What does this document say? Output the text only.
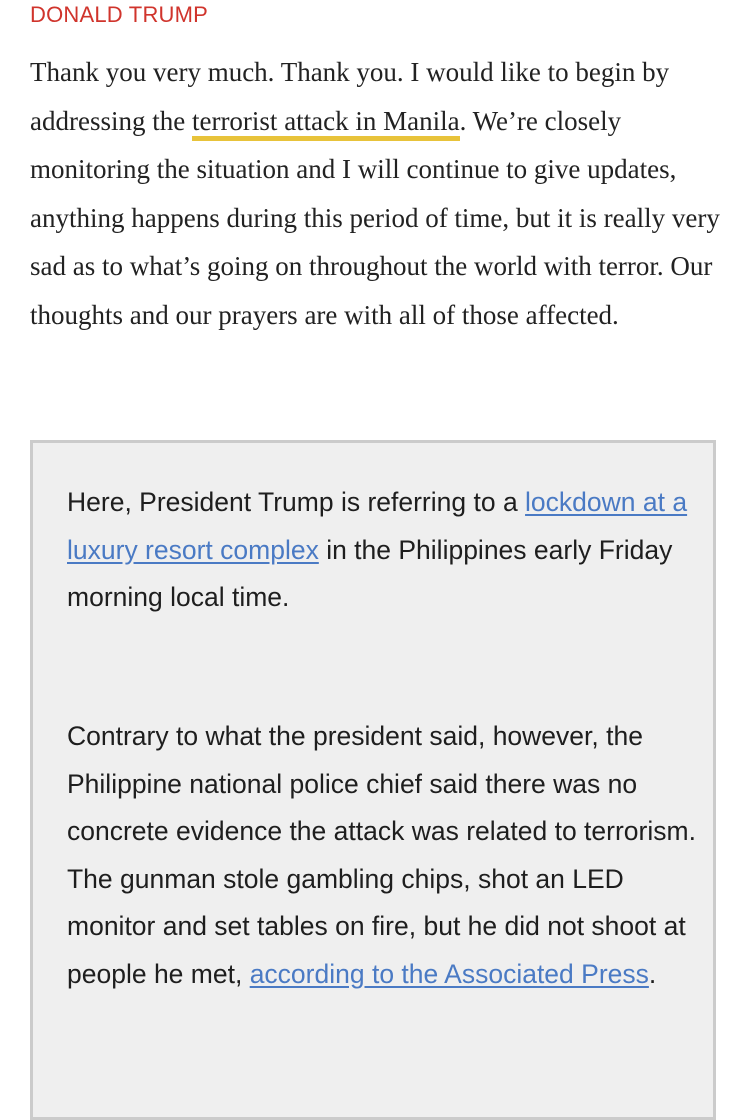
DONALD TRUMP

Thank you very much. Thank you. I would like to begin by addressing the terrorist attack in Manila
. We’re closely monitoring the situation and I will continue to give updates, anything happens during this period of time, but it is really very sad as to what’s going on throughout the world with terror. Our thoughts and our prayers are with all of those affected.

Here, President Trump is referring to a lockdown at a luxury resort complex in the Philippines early Friday morning local time.

Contrary to what the president said, however, the Philippine national police chief said there was no concrete evidence the attack was related to terrorism. The gunman stole gambling chips, shot an LED monitor and set tables on fire, but he did not shoot at people he met, according to the Associated Press.
